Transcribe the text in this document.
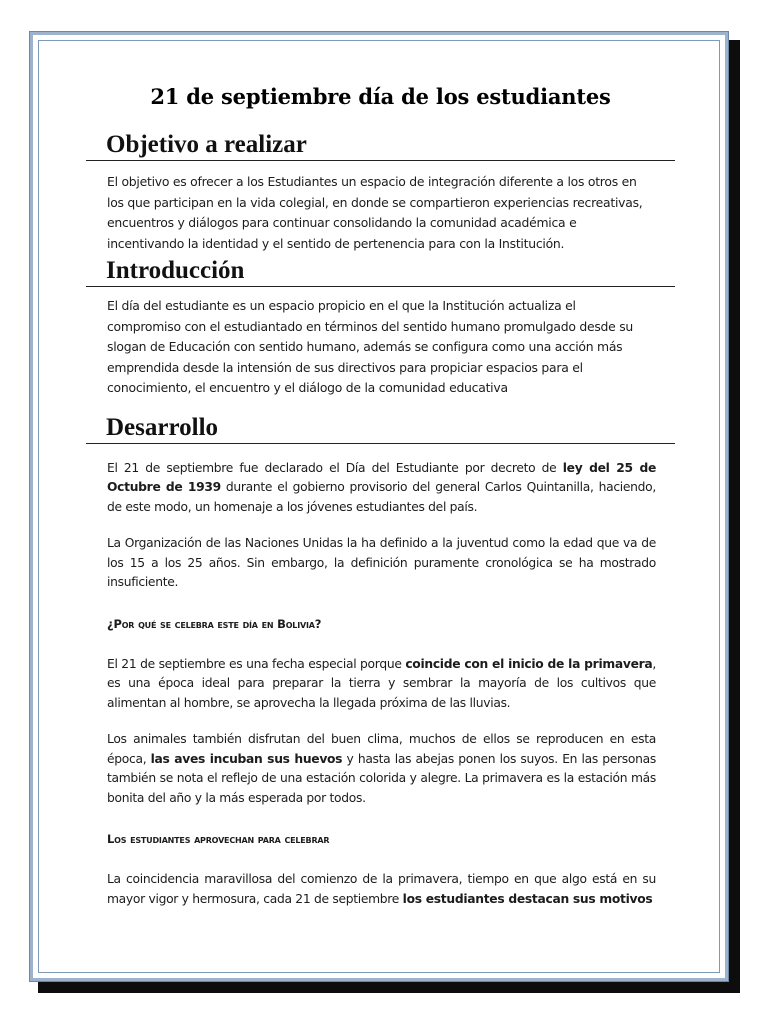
21 de septiembre día de los estudiantes
Objetivo a realizar

El objetivo es ofrecer a los Estudiantes un espacio de integración diferente a los otros en

los que participan en la vida colegial, en donde se compartieron experiencias recreativas,

encuentros y diálogos para continuar consolidando la comunidad académica e

incentivando la identidad y el sentido de pertenencia para con la Institución.

Introducción

El día del estudiante es un espacio propicio en el que la Institución actualiza el

compromiso con el estudiantado en términos del sentido humano promulgado desde su

slogan de Educación con sentido humano, además se configura como una acción más

emprendida desde la intensión de sus directivos para propiciar espacios para el

conocimiento, el encuentro y el diálogo de la comunidad educativa

Desarrollo

El 21 de septiembre fue declarado el Día del Estudiante por decreto de ley del 25 de Octubre de 1939 durante el gobierno provisorio del general Carlos Quintanilla, haciendo, de este modo, un homenaje a los jóvenes estudiantes del país.

La Organización de las Naciones Unidas la ha definido a la juventud como la edad que va de los 15 a los 25 años. Sin embargo, la definición puramente cronológica se ha mostrado insuficiente.

¿Por qué se celebra este día en Bolivia?

El 21 de septiembre es una fecha especial porque coincide con el inicio de la primavera, es una época ideal para preparar la tierra y sembrar la mayoría de los cultivos que alimentan al hombre, se aprovecha la llegada próxima de las lluvias.

Los animales también disfrutan del buen clima, muchos de ellos se reproducen en esta época, las aves incuban sus huevos y hasta las abejas ponen los suyos. En las personas también se nota el reflejo de una estación colorida y alegre. La primavera es la estación más bonita del año y la más esperada por todos.

Los estudiantes aprovechan para celebrar

La coincidencia maravillosa del comienzo de la primavera, tiempo en que algo está en su mayor vigor y hermosura, cada 21 de septiembre los estudiantes destacan sus motivos
